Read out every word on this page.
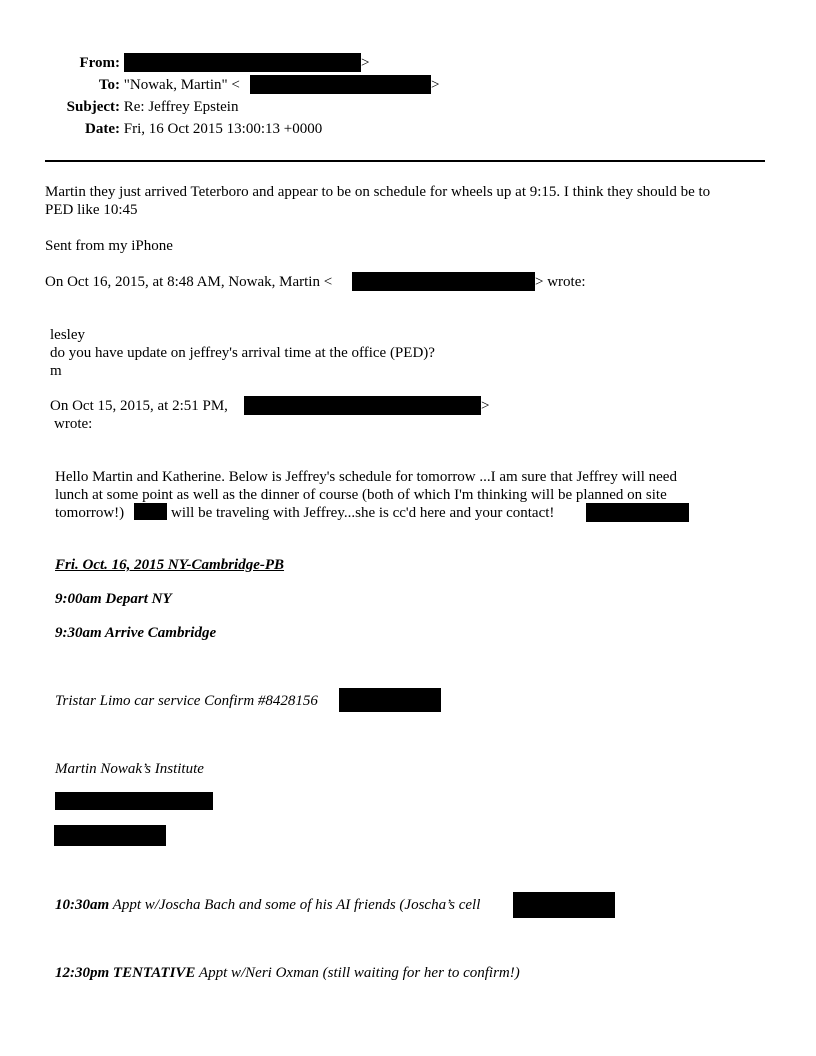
From:	>
To: "Nowak, Martin" <	>
Subject: Re: Jeffrey Epstein
Date: Fri, 16 Oct 2015 13:00:13 +0000
Martin they just arrived Teterboro and appear to be on schedule for wheels up at 9:15. I think they should be to
PED like 10:45
Sent from my iPhone
On Oct 16, 2015, at 8:48 AM, Nowak, Martin <	> wrote:
lesley
do you have update on jeffrey's arrival time at the office (PED)?
m
On Oct 15, 2015, at 2:51 PM,	>
wrote:
Hello Martin and Katherine. Below is Jeffrey's schedule for tomorrow ...I am sure that Jeffrey will need
lunch at some point as well as the dinner of course (both of which I'm thinking will be planned on site
tomorrow!)	will be traveling with Jeffrey...she is cc'd here and your contact!
Fri. Oct. 16, 2015 NY-Cambridge-PB
9:00am Depart NY
9:30am Arrive Cambridge
Tristar Limo car service Confirm #8428156
Martin Nowak’s Institute
10:30am Appt w/Joscha Bach and some of his AI friends (Joscha’s cell
12:30pm TENTATIVE Appt w/Neri Oxman (still waiting for her to confirm!)
